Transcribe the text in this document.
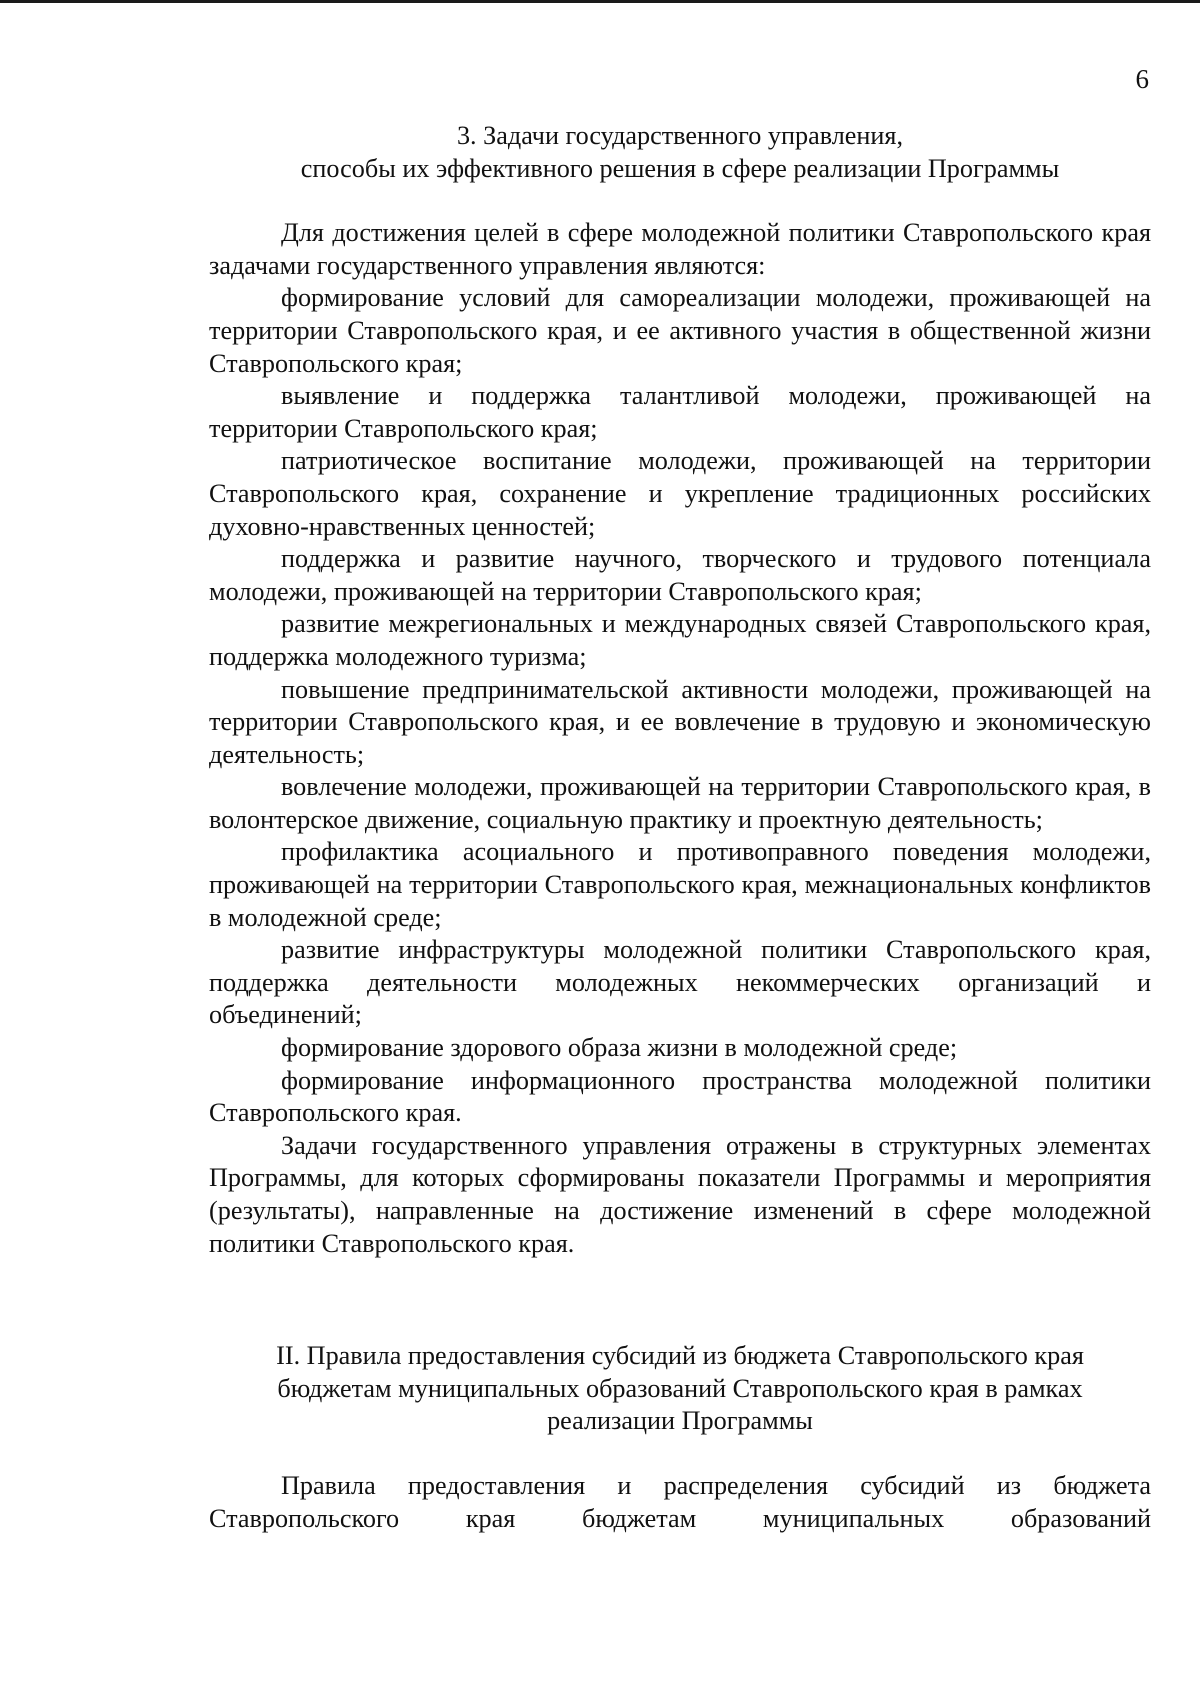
6
3. Задачи государственного управления,
способы их эффективного решения в сфере реализации Программы

Для достижения целей в сфере молодежной политики Ставропольского края задачами государственного управления являются:

формирование условий для самореализации молодежи, проживающей на территории Ставропольского края, и ее активного участия в общественной жизни Ставропольского края;

выявление и поддержка талантливой молодежи, проживающей на территории Ставропольского края;

патриотическое воспитание молодежи, проживающей на территории Ставропольского края, сохранение и укрепление традиционных российских духовно-нравственных ценностей;

поддержка и развитие научного, творческого и трудового потенциала молодежи, проживающей на территории Ставропольского края;

развитие межрегиональных и международных связей Ставропольского края, поддержка молодежного туризма;

повышение предпринимательской активности молодежи, проживающей на территории Ставропольского края, и ее вовлечение в трудовую и экономическую деятельность;

вовлечение молодежи, проживающей на территории Ставропольского края, в волонтерское движение, социальную практику и проектную деятельность;

профилактика асоциального и противоправного поведения молодежи, проживающей на территории Ставропольского края, межнациональных конфликтов в молодежной среде;

развитие инфраструктуры молодежной политики Ставропольского края, поддержка деятельности молодежных некоммерческих организаций и объединений;

формирование здорового образа жизни в молодежной среде;

формирование информационного пространства молодежной политики Ставропольского края.

Задачи государственного управления отражены в структурных элементах Программы, для которых сформированы показатели Программы и мероприятия (результаты), направленные на достижение изменений в сфере молодежной политики Ставропольского края.

II. Правила предоставления субсидий из бюджета Ставропольского края
бюджетам муниципальных образований Ставропольского края в рамках
реализации Программы

Правила предоставления и распределения субсидий из бюджета

Ставропольского края бюджетам муниципальных образований
